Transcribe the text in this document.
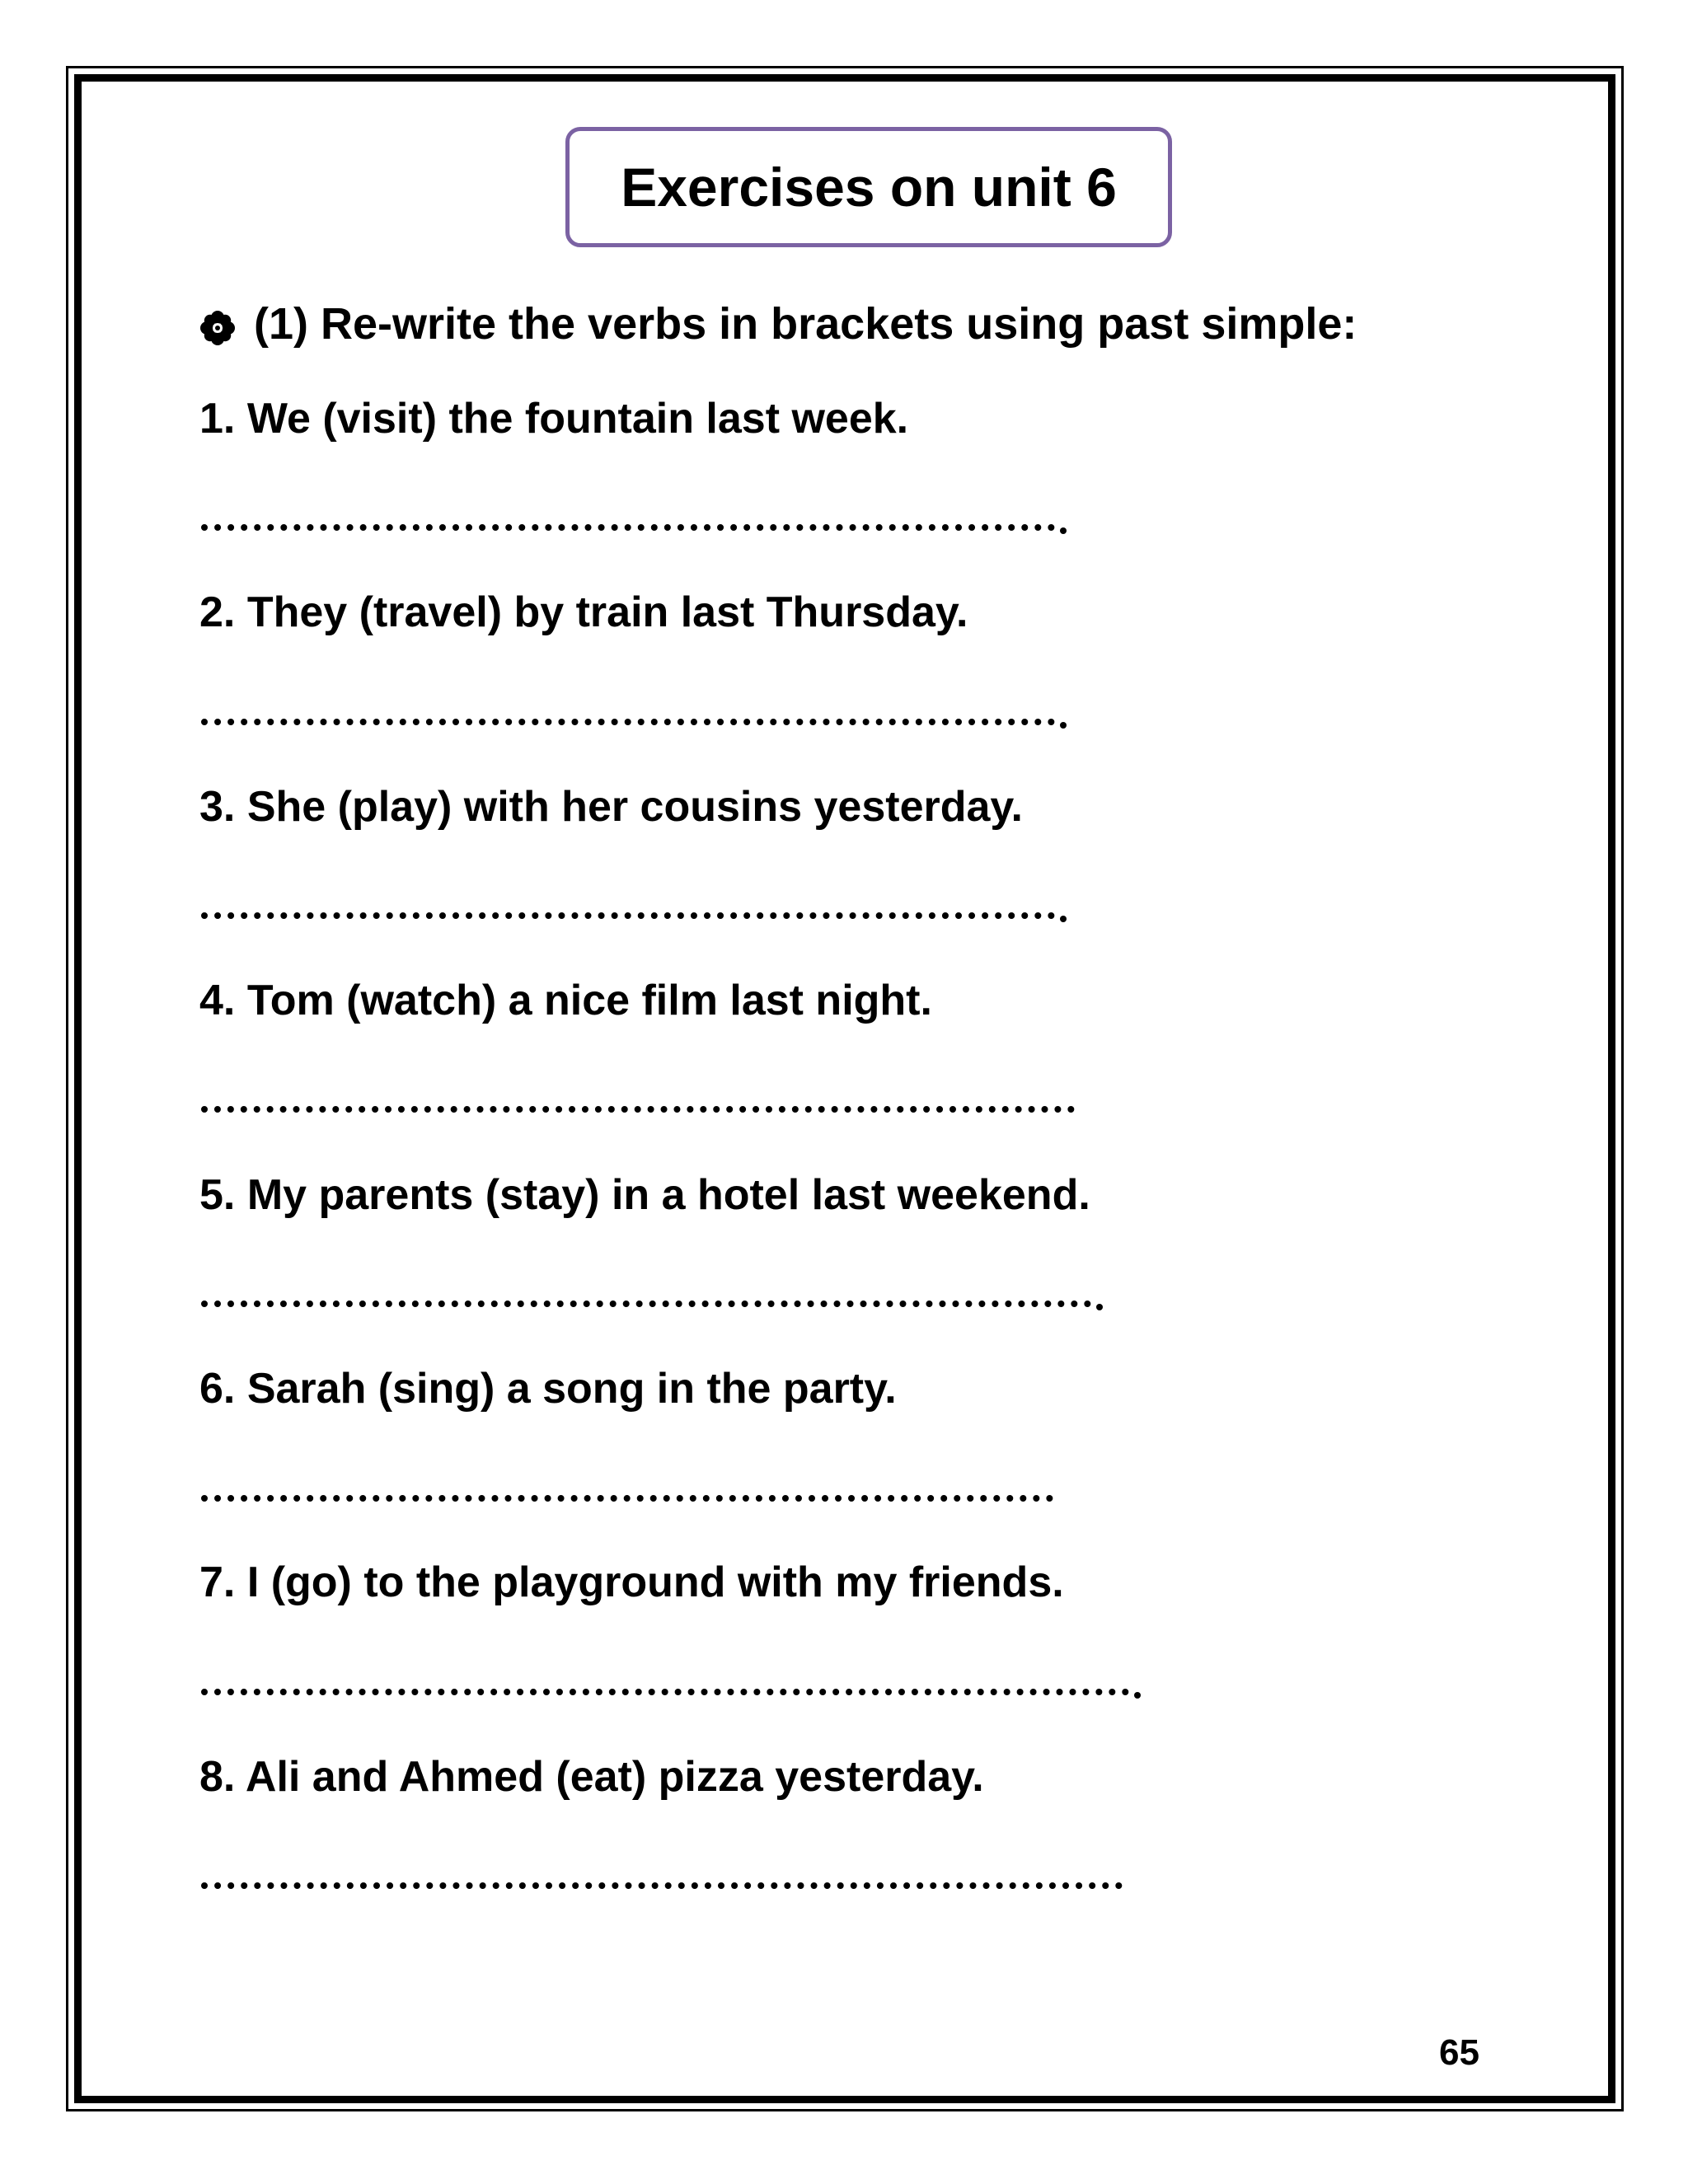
Exercises on unit 6
(1) Re-write the verbs in brackets using past simple:
1. We (visit) the fountain last week.
2. They (travel) by train last Thursday.
3. She (play) with her cousins yesterday.
4. Tom (watch) a nice film last night.
5. My parents (stay) in a hotel last weekend.
6. Sarah (sing) a song in the party.
7. I (go) to the playground with my friends.
8. Ali and Ahmed (eat) pizza yesterday.
65
